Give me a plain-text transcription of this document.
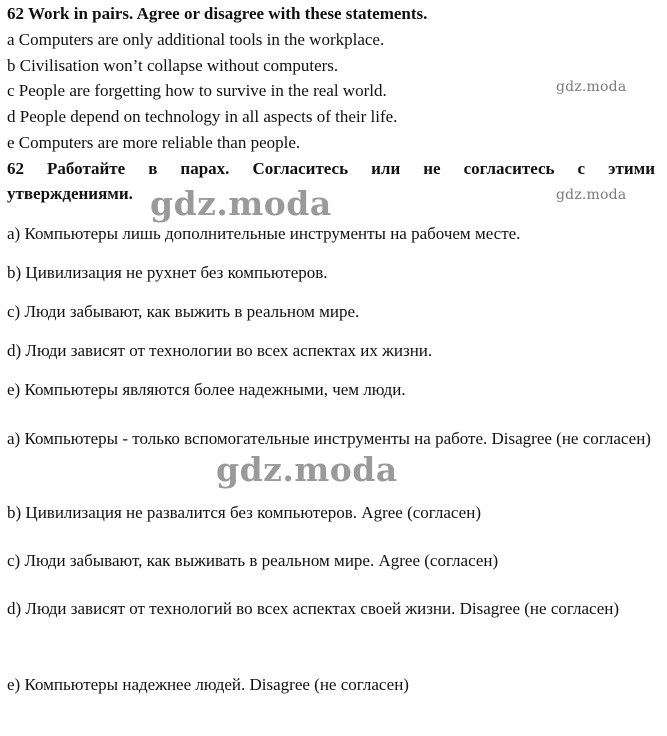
62 Work in pairs. Agree or disagree with these statements.
a Computers are only additional tools in the workplace.
b Civilisation won’t collapse without computers.
c People are forgetting how to survive in the real world.
d People depend on technology in all aspects of their life.
e Computers are more reliable than people.
62 Работайте в парах. Согласитесь или не согласитесь с этими
утверждениями.
a) Компьютеры лишь дополнительные инструменты на рабочем месте.
b) Цивилизация не рухнет без компьютеров.
c) Люди забывают, как выжить в реальном мире.
d) Люди зависят от технологии во всех аспектах их жизни.
e) Компьютеры являются более надежными, чем люди.
a) Компьютеры - только вспомогательные инструменты на работе. Disagree (не согласен)
b) Цивилизация не развалится без компьютеров. Agree (согласен)
c) Люди забывают, как выживать в реальном мире. Agree (согласен)
d) Люди зависят от технологий во всех аспектах своей жизни. Disagree (не согласен)
e) Компьютеры надежнее людей. Disagree (не согласен)
gdz.moda
gdz.moda
gdz.moda
gdz.moda
